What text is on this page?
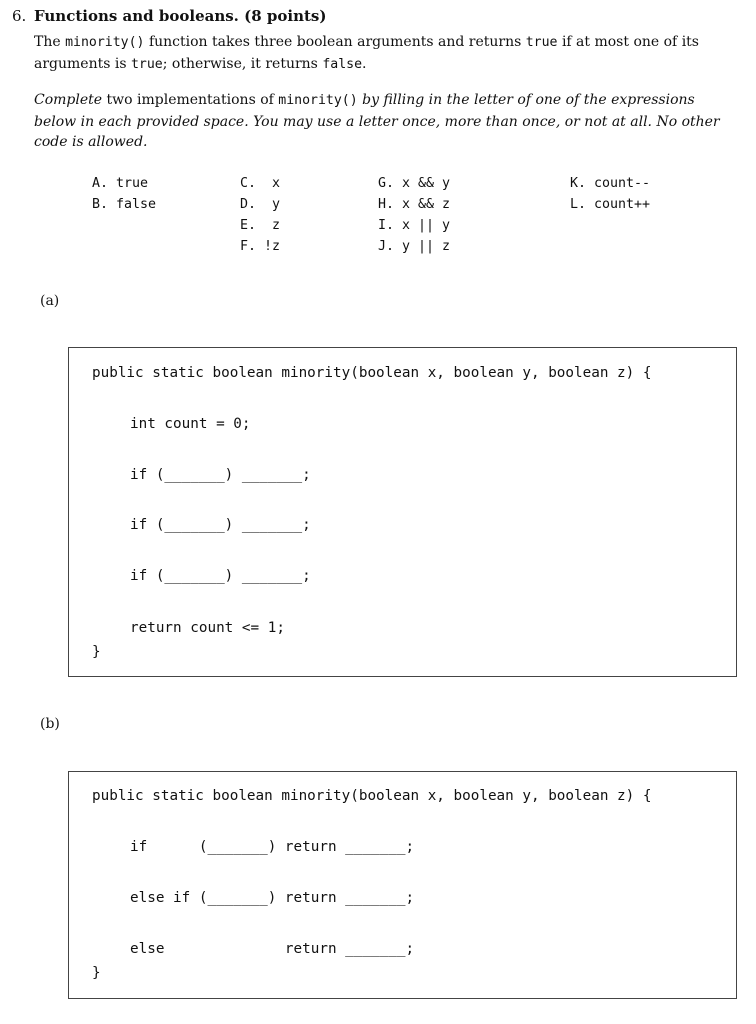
6. Functions and booleans. (8 points)
The minority() function takes three boolean arguments and returns true if at most one of its arguments is true; otherwise, it returns false.
Complete two implementations of minority() by filling in the letter of one of the expressions below in each provided space. You may use a letter once, more than once, or not at all. No other code is allowed.
A. true
B. false
C.  x
D.  y
E.  z
F. !z
G. x && y
H. x && z
I. x || y
J. y || z
K. count--
L. count++
(a)
public static boolean minority(boolean x, boolean y, boolean z) {
int count = 0;
if (_______) _______;
if (_______) _______;
if (_______) _______;
return count <= 1;
}
(b)
public static boolean minority(boolean x, boolean y, boolean z) {
if      (_______) return _______;
else if (_______) return _______;
else              return _______;
}
